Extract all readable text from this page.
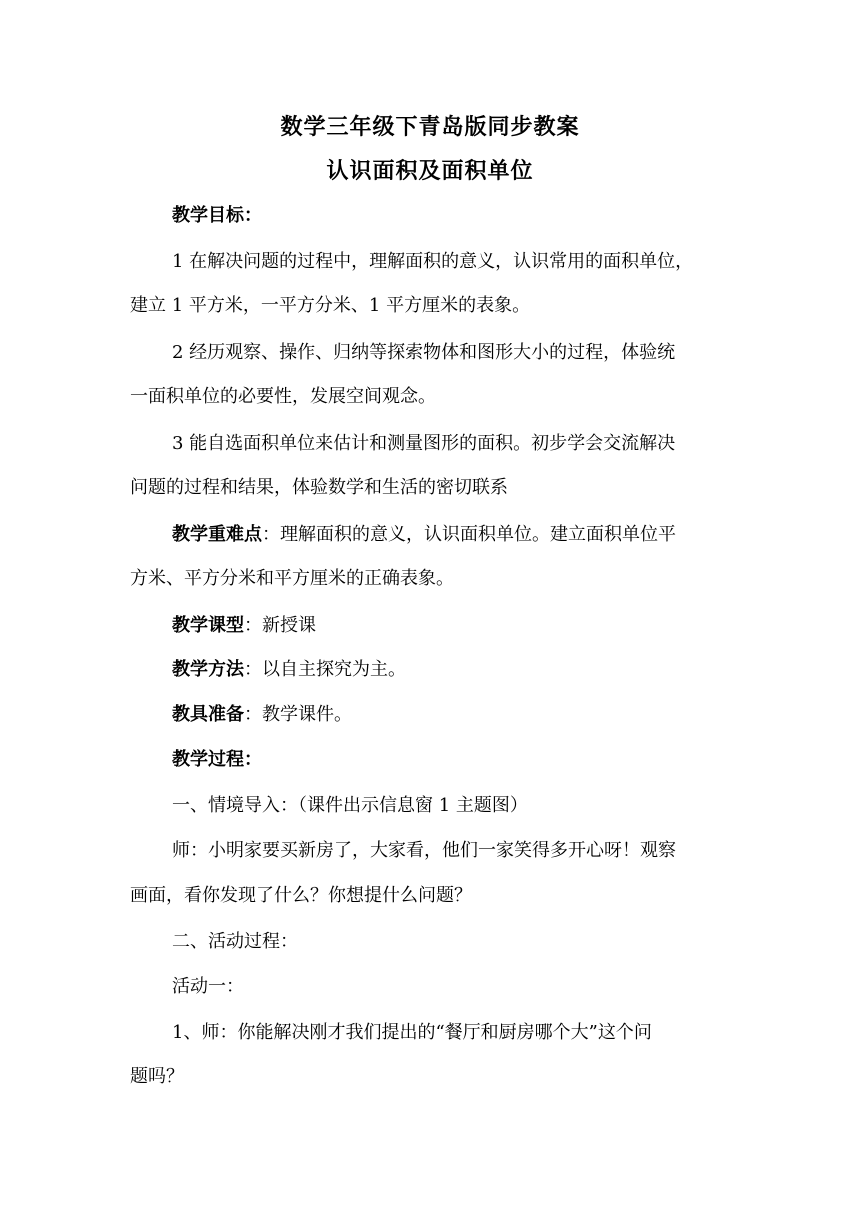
数学三年级下青岛版同步教案
认识面积及面积单位
教学目标：
1 在解决问题的过程中，理解面积的意义，认识常用的面积单位，
建立 1 平方米，一平方分米、1 平方厘米的表象。
2 经历观察、操作、归纳等探索物体和图形大小的过程，体验统
一面积单位的必要性，发展空间观念。
3 能自选面积单位来估计和测量图形的面积。初步学会交流解决
问题的过程和结果，体验数学和生活的密切联系
教学重难点：理解面积的意义，认识面积单位。建立面积单位平
方米、平方分米和平方厘米的正确表象。
教学课型：新授课
教学方法：以自主探究为主。
教具准备：教学课件。
教学过程：
一、情境导入：（课件出示信息窗 1 主题图）
师：小明家要买新房了，大家看，他们一家笑得多开心呀！观察
画面，看你发现了什么？你想提什么问题？
二、活动过程：
活动一：
1、师：你能解决刚才我们提出的“餐厅和厨房哪个大”这个问
题吗？
